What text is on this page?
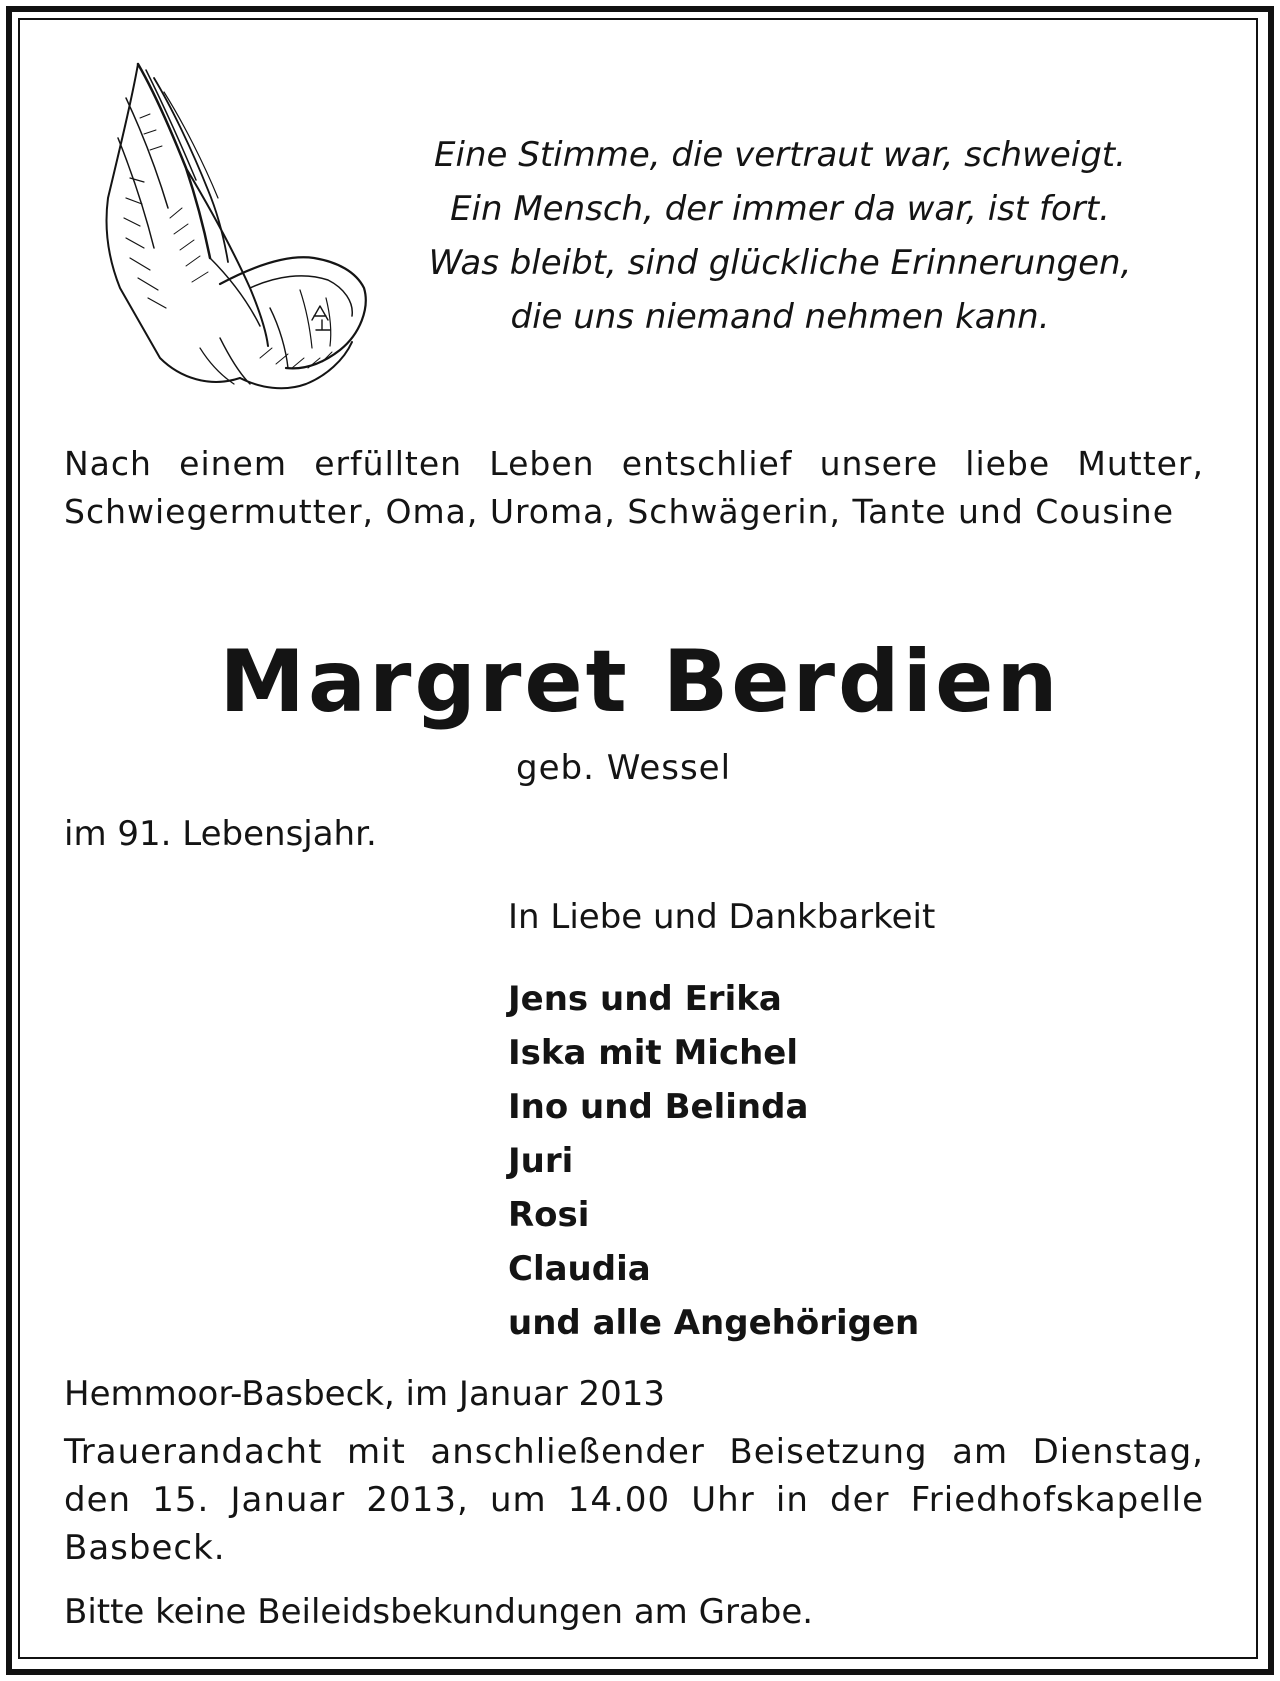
Eine Stimme, die vertraut war, schweigt.
Ein Mensch, der immer da war, ist fort.
Was bleibt, sind glückliche Erinnerungen,
die uns niemand nehmen kann.
Nach einem erfüllten Leben entschlief unsere liebe Mutter, Schwiegermutter, Oma, Uroma, Schwägerin, Tante und Cousine
Margret Berdien
geb. Wessel
im 91. Lebensjahr.
In Liebe und Dankbarkeit
Jens und Erika
Iska mit Michel
Ino und Belinda
Juri
Rosi
Claudia
und alle Angehörigen
Hemmoor-Basbeck, im Januar 2013
Trauerandacht mit anschließender Beisetzung am Dienstag, den 15. Januar 2013, um 14.00 Uhr in der Friedhofskapelle Basbeck.
Bitte keine Beileidsbekundungen am Grabe.
